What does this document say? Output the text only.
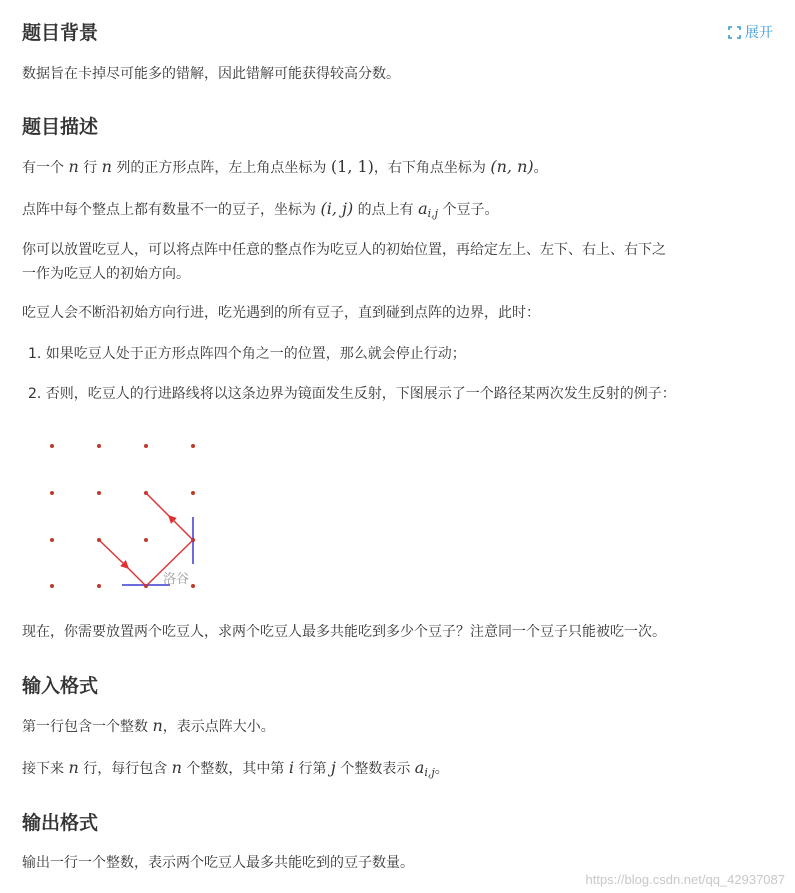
题目背景	展开
数据旨在卡掉尽可能多的错解，因此错解可能获得较高分数。
题目描述
有一个 n 行 n 列的正方形点阵，左上角点坐标为 (1, 1)，右下角点坐标为 (n, n)。
点阵中每个整点上都有数量不一的豆子，坐标为 (i, j) 的点上有 $a_{i,j}$ 个豆子。
你可以放置吃豆人，可以将点阵中任意的整点作为吃豆人的初始位置，再给定左上、左下、右上、右下之
一作为吃豆人的初始方向。
吃豆人会不断沿初始方向行进，吃光遇到的所有豆子，直到碰到点阵的边界，此时：
1. 如果吃豆人处于正方形点阵四个角之一的位置，那么就会停止行动；
2. 否则，吃豆人的行进路线将以这条边界为镜面发生反射，下图展示了一个路径某两次发生反射的例子：
洛谷
现在，你需要放置两个吃豆人，求两个吃豆人最多共能吃到多少个豆子？注意同一个豆子只能被吃一次。
输入格式
第一行包含一个整数 n，表示点阵大小。
接下来 n 行，每行包含 n 个整数，其中第 i 行第 j 个整数表示 $a_{i,j}$。
输出格式
输出一行一个整数，表示两个吃豆人最多共能吃到的豆子数量。
https://blog.csdn.net/qq_42937087
